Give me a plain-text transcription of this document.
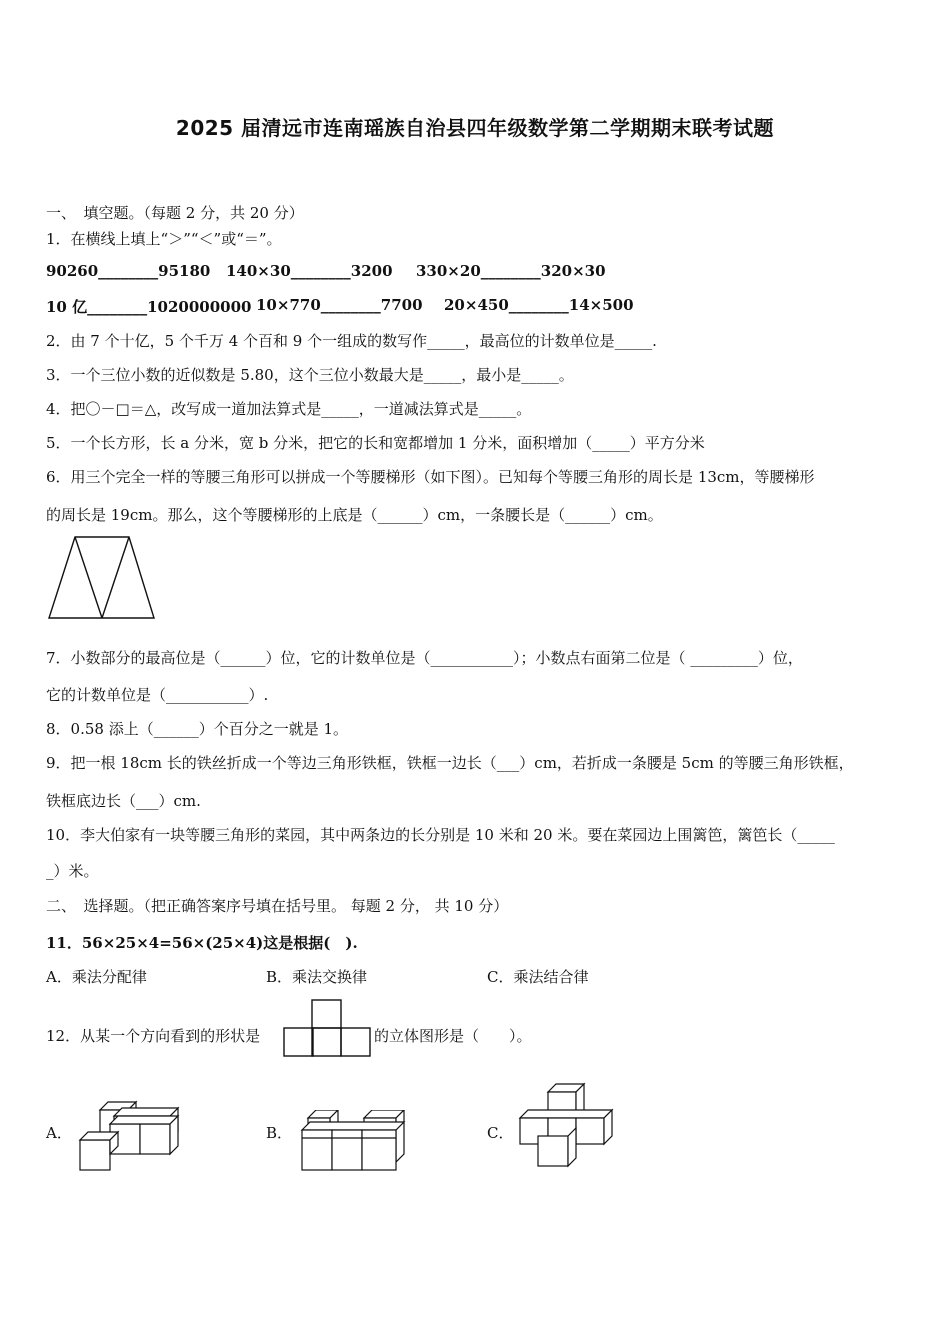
2025 届清远市连南瑶族自治县四年级数学第二学期期末联考试题
一、　填空题。（每题 2 分，共 20 分）
1．在横线上填上“＞”“＜”或“＝”。
90260________95180 140×30________3200 330×20________320×30
10 亿________1020000000 10×770________7700 20×450________14×500
2．由 7 个十亿，5 个千万 4 个百和 9 个一组成的数写作_____，最高位的计数单位是_____.
3．一个三位小数的近似数是 5.80，这个三位小数最大是_____，最小是_____。
4．把〇－□＝△，改写成一道加法算式是_____，一道减法算式是_____。
5．一个长方形，长 a 分米，宽 b 分米，把它的长和宽都增加 1 分米，面积增加（_____）平方分米
6．用三个完全一样的等腰三角形可以拼成一个等腰梯形（如下图）。已知每个等腰三角形的周长是 13cm，等腰梯形
的周长是 19cm。那么，这个等腰梯形的上底是（______）cm，一条腰长是（______）cm。
7．小数部分的最高位是（______）位，它的计数单位是（___________）；小数点右面第二位是（ _________）位，
它的计数单位是（___________）.
8．0.58 添上（______）个百分之一就是 1。
9．把一根 18cm 长的铁丝折成一个等边三角形铁框，铁框一边长（___）cm，若折成一条腰是 5cm 的等腰三角形铁框，
铁框底边长（___）cm.
10．李大伯家有一块等腰三角形的菜园，其中两条边的长分别是 10 米和 20 米。要在菜园边上围篱笆，篱笆长（_____
_）米。
二、　选择题。（把正确答案序号填在括号里。 每题 2 分， 共 10 分）
11．56×25×4=56×(25×4)这是根据(　).
A．乘法分配律	B．乘法交换律	C．乘法结合律
12．从某一个方向看到的形状是	的立体图形是（　　）。
A．	B．	C．
